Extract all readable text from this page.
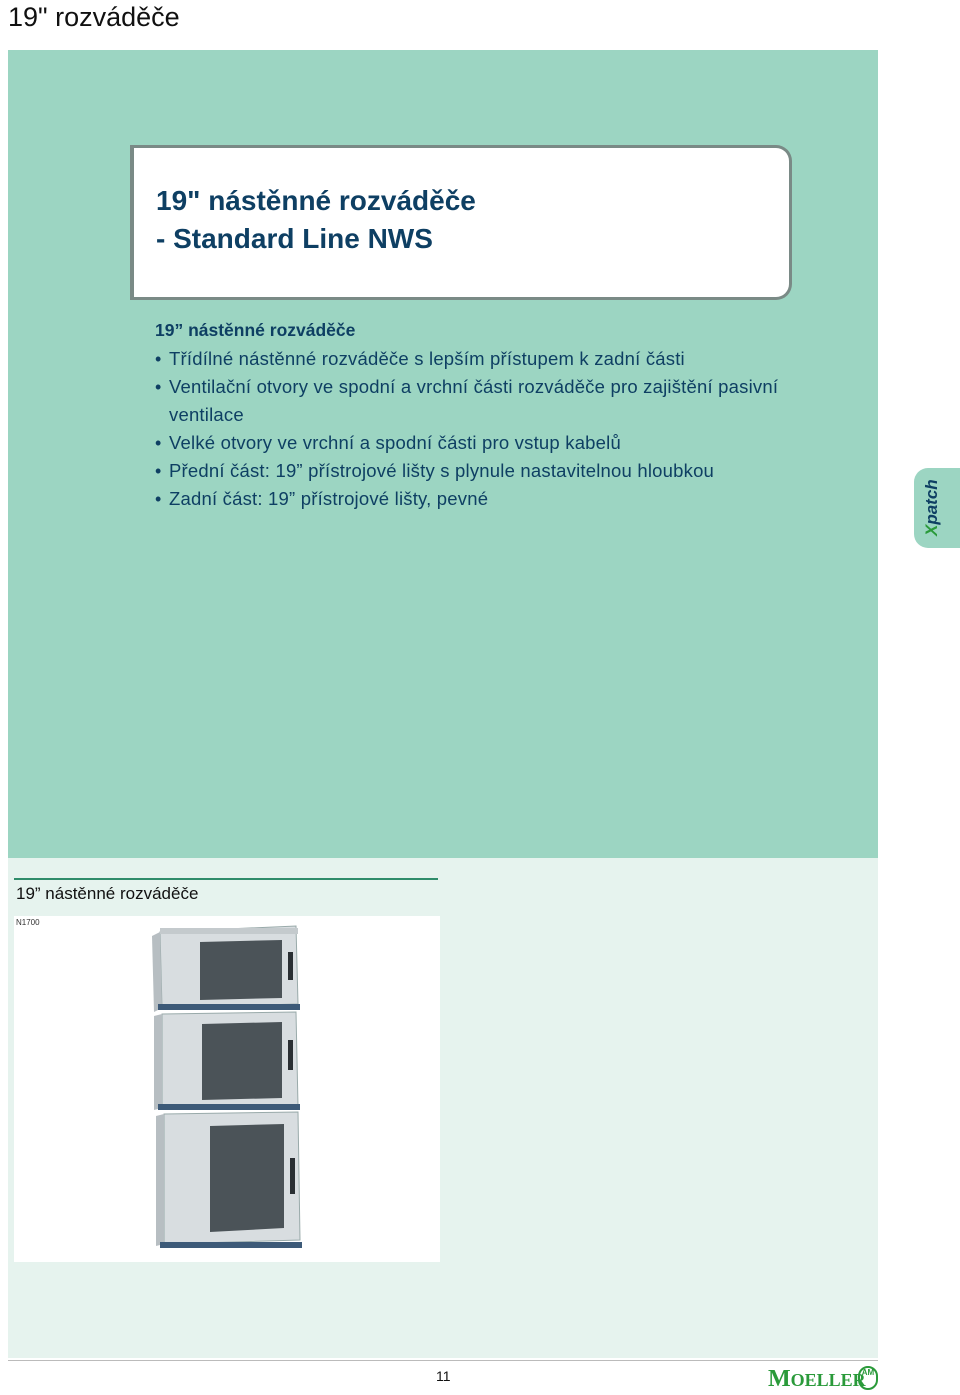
19" rozváděče
19" nástěnné rozváděče
- Standard Line NWS
19” nástěnné rozváděče
• Třídílné nástěnné rozváděče s lepším přístupem k zadní části
• Ventilační otvory ve spodní a vrchní části rozváděče pro zajištění pasivní ventilace
• Velké otvory ve vrchní a spodní části pro vstup kabelů
• Přední část: 19” přístrojové lišty s plynule nastavitelnou hloubkou
• Zadní část: 19” přístrojové lišty, pevné
Xpatch
19” nástěnné rozváděče
N1700
11	MOELLER
AM
